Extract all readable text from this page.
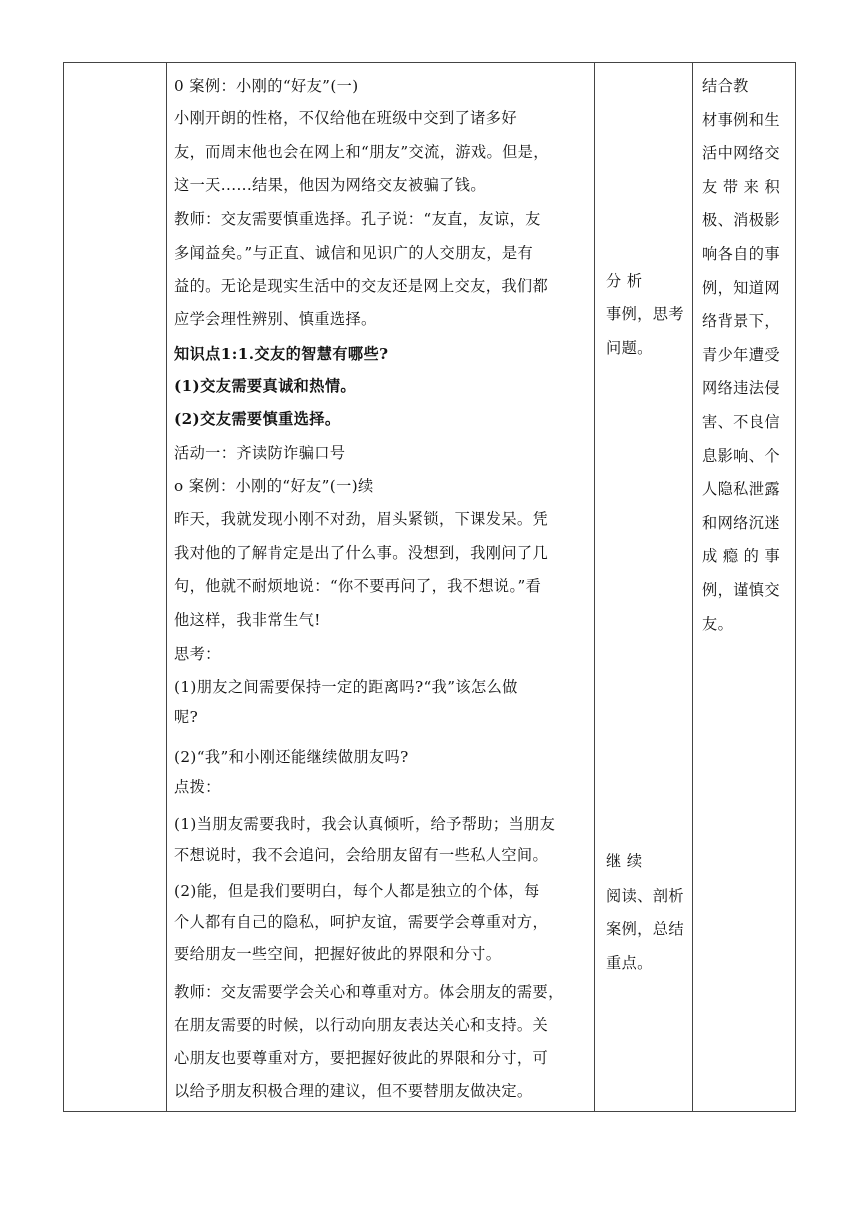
0 案例：小刚的“好友”(一)
小刚开朗的性格，不仅给他在班级中交到了诸多好
友，而周末他也会在网上和“朋友”交流，游戏。但是，
这一天......结果，他因为网络交友被骗了钱。
教师：交友需要慎重选择。孔子说：“友直，友谅，友
多闻益矣。”与正直、诚信和见识广的人交朋友，是有
益的。无论是现实生活中的交友还是网上交友，我们都
应学会理性辨别、慎重选择。
知识点1:1.交友的智慧有哪些?
(1)交友需要真诚和热情。
(2)交友需要慎重选择。
活动一：齐读防诈骗口号
o 案例：小刚的“好友”(一)续
昨天，我就发现小刚不对劲，眉头紧锁，下课发呆。凭
我对他的了解肯定是出了什么事。没想到，我刚问了几
句，他就不耐烦地说：“你不要再问了，我不想说。”看
他这样，我非常生气!
思考：
(1)朋友之间需要保持一定的距离吗?“我”该怎么做
呢?
(2)“我”和小刚还能继续做朋友吗?
点拨：
(1)当朋友需要我时，我会认真倾听，给予帮助；当朋友
不想说时，我不会追问，会给朋友留有一些私人空间。
(2)能，但是我们要明白，每个人都是独立的个体，每
个人都有自己的隐私，呵护友谊，需要学会尊重对方，
要给朋友一些空间，把握好彼此的界限和分寸。
教师：交友需要学会关心和尊重对方。体会朋友的需要，
在朋友需要的时候，以行动向朋友表达关心和支持。关
心朋友也要尊重对方，要把握好彼此的界限和分寸，可
以给予朋友积极合理的建议，但不要替朋友做决定。
分 析
事例，思考
问题。
继 续
阅读、剖析
案例，总结
重点。
结合教
材事例和生
活中网络交
友 带 来 积
极、消极影
响各自的事
例，知道网
络背景下，
青少年遭受
网络违法侵
害、不良信
息影响、个
人隐私泄露
和网络沉迷
成 瘾 的 事
例，谨慎交
友。
